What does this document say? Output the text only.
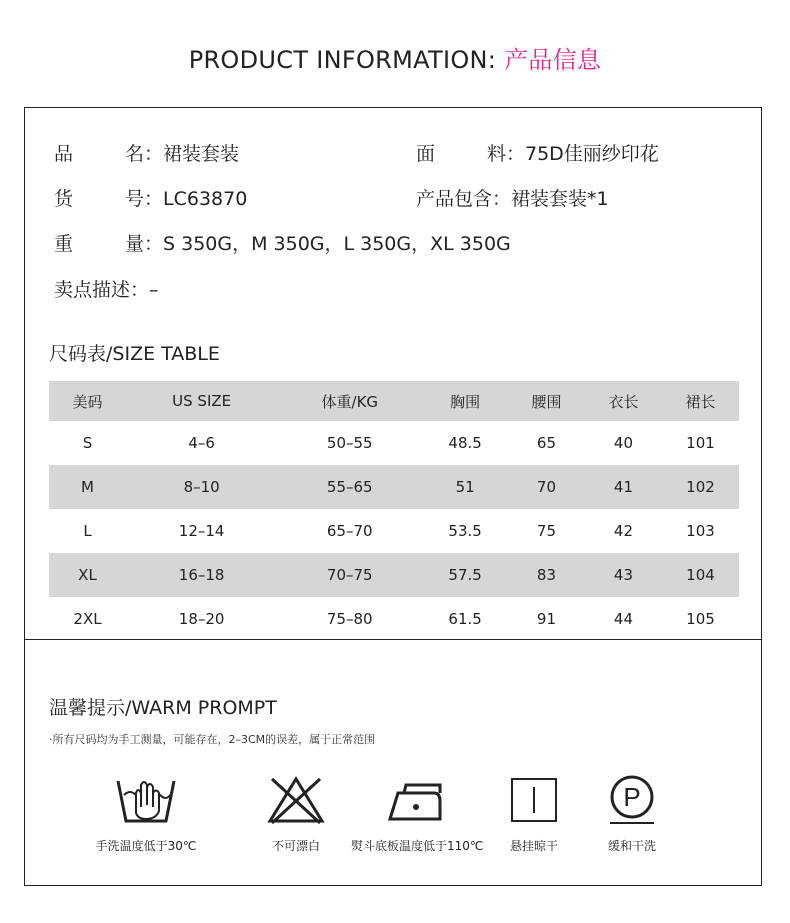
PRODUCT INFORMATION: 产品信息
品	名 ：裙装套装	面	料 ：75D佳丽纱印花
货	号 ：LC63870	产品包含 ：裙装套装*1
重	量 ：S 350G，M 350G，L 350G，XL 350G
卖点描述 ：–
尺码表/SIZE TABLE
美码	US SIZE	体重/KG	胸围	腰围	衣长	裙长
S	4–6	50–55	48.5	65	40	101
M	8–10	55–65	51	70	41	102
L	12–14	65–70	53.5	75	42	103
XL	16–18	70–75	57.5	83	43	104
2XL	18–20	75–80	61.5	91	44	105
温馨提示/WARM PROMPT
·所有尺码均为手工测量，可能存在，2–3CM的误差，属于正常范围
手洗温度低于30℃	不可漂白	熨斗底板温度低于110℃	悬挂晾干
P
缓和干洗
